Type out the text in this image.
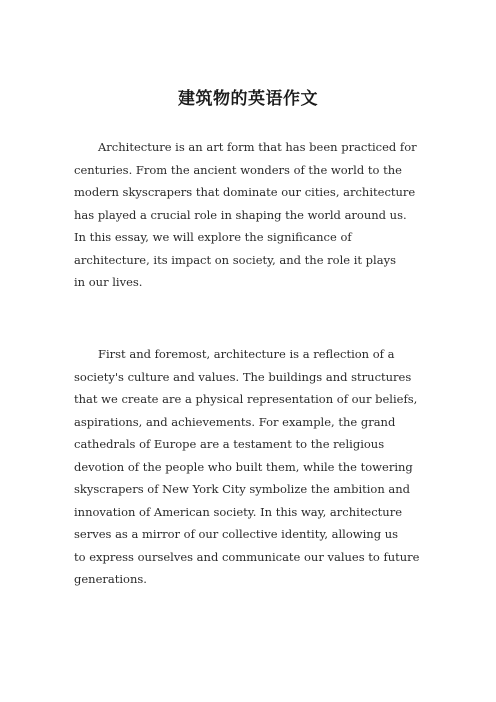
建筑物的英语作文

Architecture is an art form that has been practiced for
centuries. From the ancient wonders of the world to the
modern skyscrapers that dominate our cities, architecture
has played a crucial role in shaping the world around us.
In this essay, we will explore the significance of
architecture, its impact on society, and the role it plays
in our lives.

First and foremost, architecture is a reflection of a
society's culture and values. The buildings and structures
that we create are a physical representation of our beliefs,
aspirations, and achievements. For example, the grand
cathedrals of Europe are a testament to the religious
devotion of the people who built them, while the towering
skyscrapers of New York City symbolize the ambition and
innovation of American society. In this way, architecture
serves as a mirror of our collective identity, allowing us
to express ourselves and communicate our values to future
generations.
